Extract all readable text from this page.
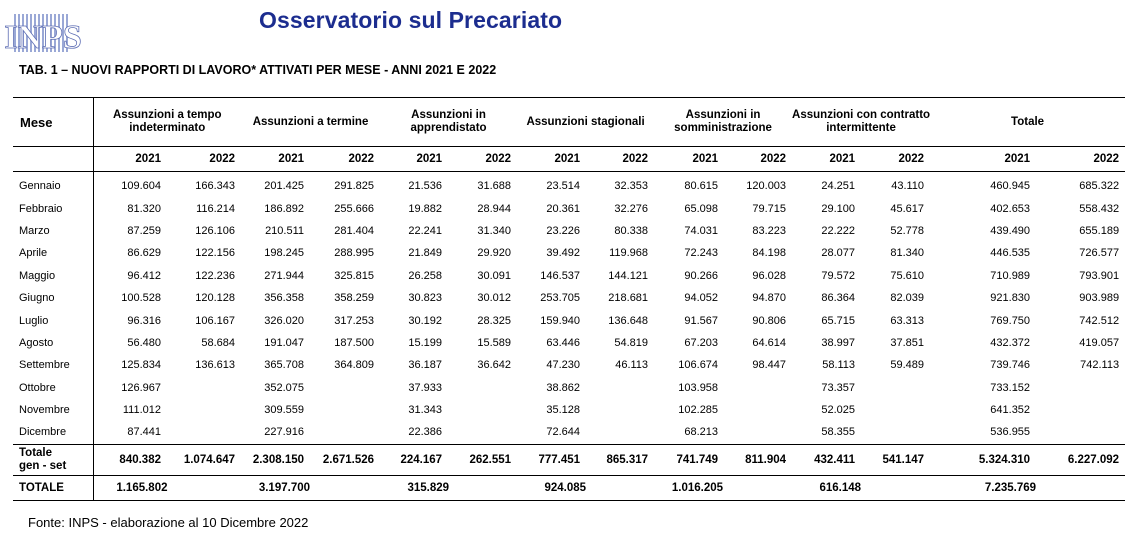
INPS	Osservatorio sul Precariato
TAB. 1 – NUOVI RAPPORTI DI LAVORO* ATTIVATI PER MESE - ANNI 2021 E 2022
Mese	Assunzioni a tempo indeterminato		Assunzioni a termine		Assunzioni in apprendistato		Assunzioni stagionali		Assunzioni in somministrazione		Assunzioni con contratto intermittente		Totale	
	2021	2022	2021	2022	2021	2022	2021	2022	2021	2022	2021	2022	2021	2022
Gennaio	109.604	166.343	201.425	291.825	21.536	31.688	23.514	32.353	80.615	120.003	24.251	43.110	460.945	685.322
Febbraio	81.320	116.214	186.892	255.666	19.882	28.944	20.361	32.276	65.098	79.715	29.100	45.617	402.653	558.432
Marzo	87.259	126.106	210.511	281.404	22.241	31.340	23.226	80.338	74.031	83.223	22.222	52.778	439.490	655.189
Aprile	86.629	122.156	198.245	288.995	21.849	29.920	39.492	119.968	72.243	84.198	28.077	81.340	446.535	726.577
Maggio	96.412	122.236	271.944	325.815	26.258	30.091	146.537	144.121	90.266	96.028	79.572	75.610	710.989	793.901
Giugno	100.528	120.128	356.358	358.259	30.823	30.012	253.705	218.681	94.052	94.870	86.364	82.039	921.830	903.989
Luglio	96.316	106.167	326.020	317.253	30.192	28.325	159.940	136.648	91.567	90.806	65.715	63.313	769.750	742.512
Agosto	56.480	58.684	191.047	187.500	15.199	15.589	63.446	54.819	67.203	64.614	38.997	37.851	432.372	419.057
Settembre	125.834	136.613	365.708	364.809	36.187	36.642	47.230	46.113	106.674	98.447	58.113	59.489	739.746	742.113
Ottobre	126.967		352.075		37.933		38.862		103.958		73.357		733.152	
Novembre	111.012		309.559		31.343		35.128		102.285		52.025		641.352	
Dicembre	87.441		227.916		22.386		72.644		68.213		58.355		536.955	

Totale
gen - set	840.382	1.074.647	2.308.150	2.671.526	224.167	262.551	777.451	865.317	741.749	811.904	432.411	541.147	5.324.310	6.227.092
TOTALE	1.165.802		3.197.700		315.829		924.085		1.016.205		616.148		7.235.769	
Fonte: INPS - elaborazione al 10 Dicembre 2022
